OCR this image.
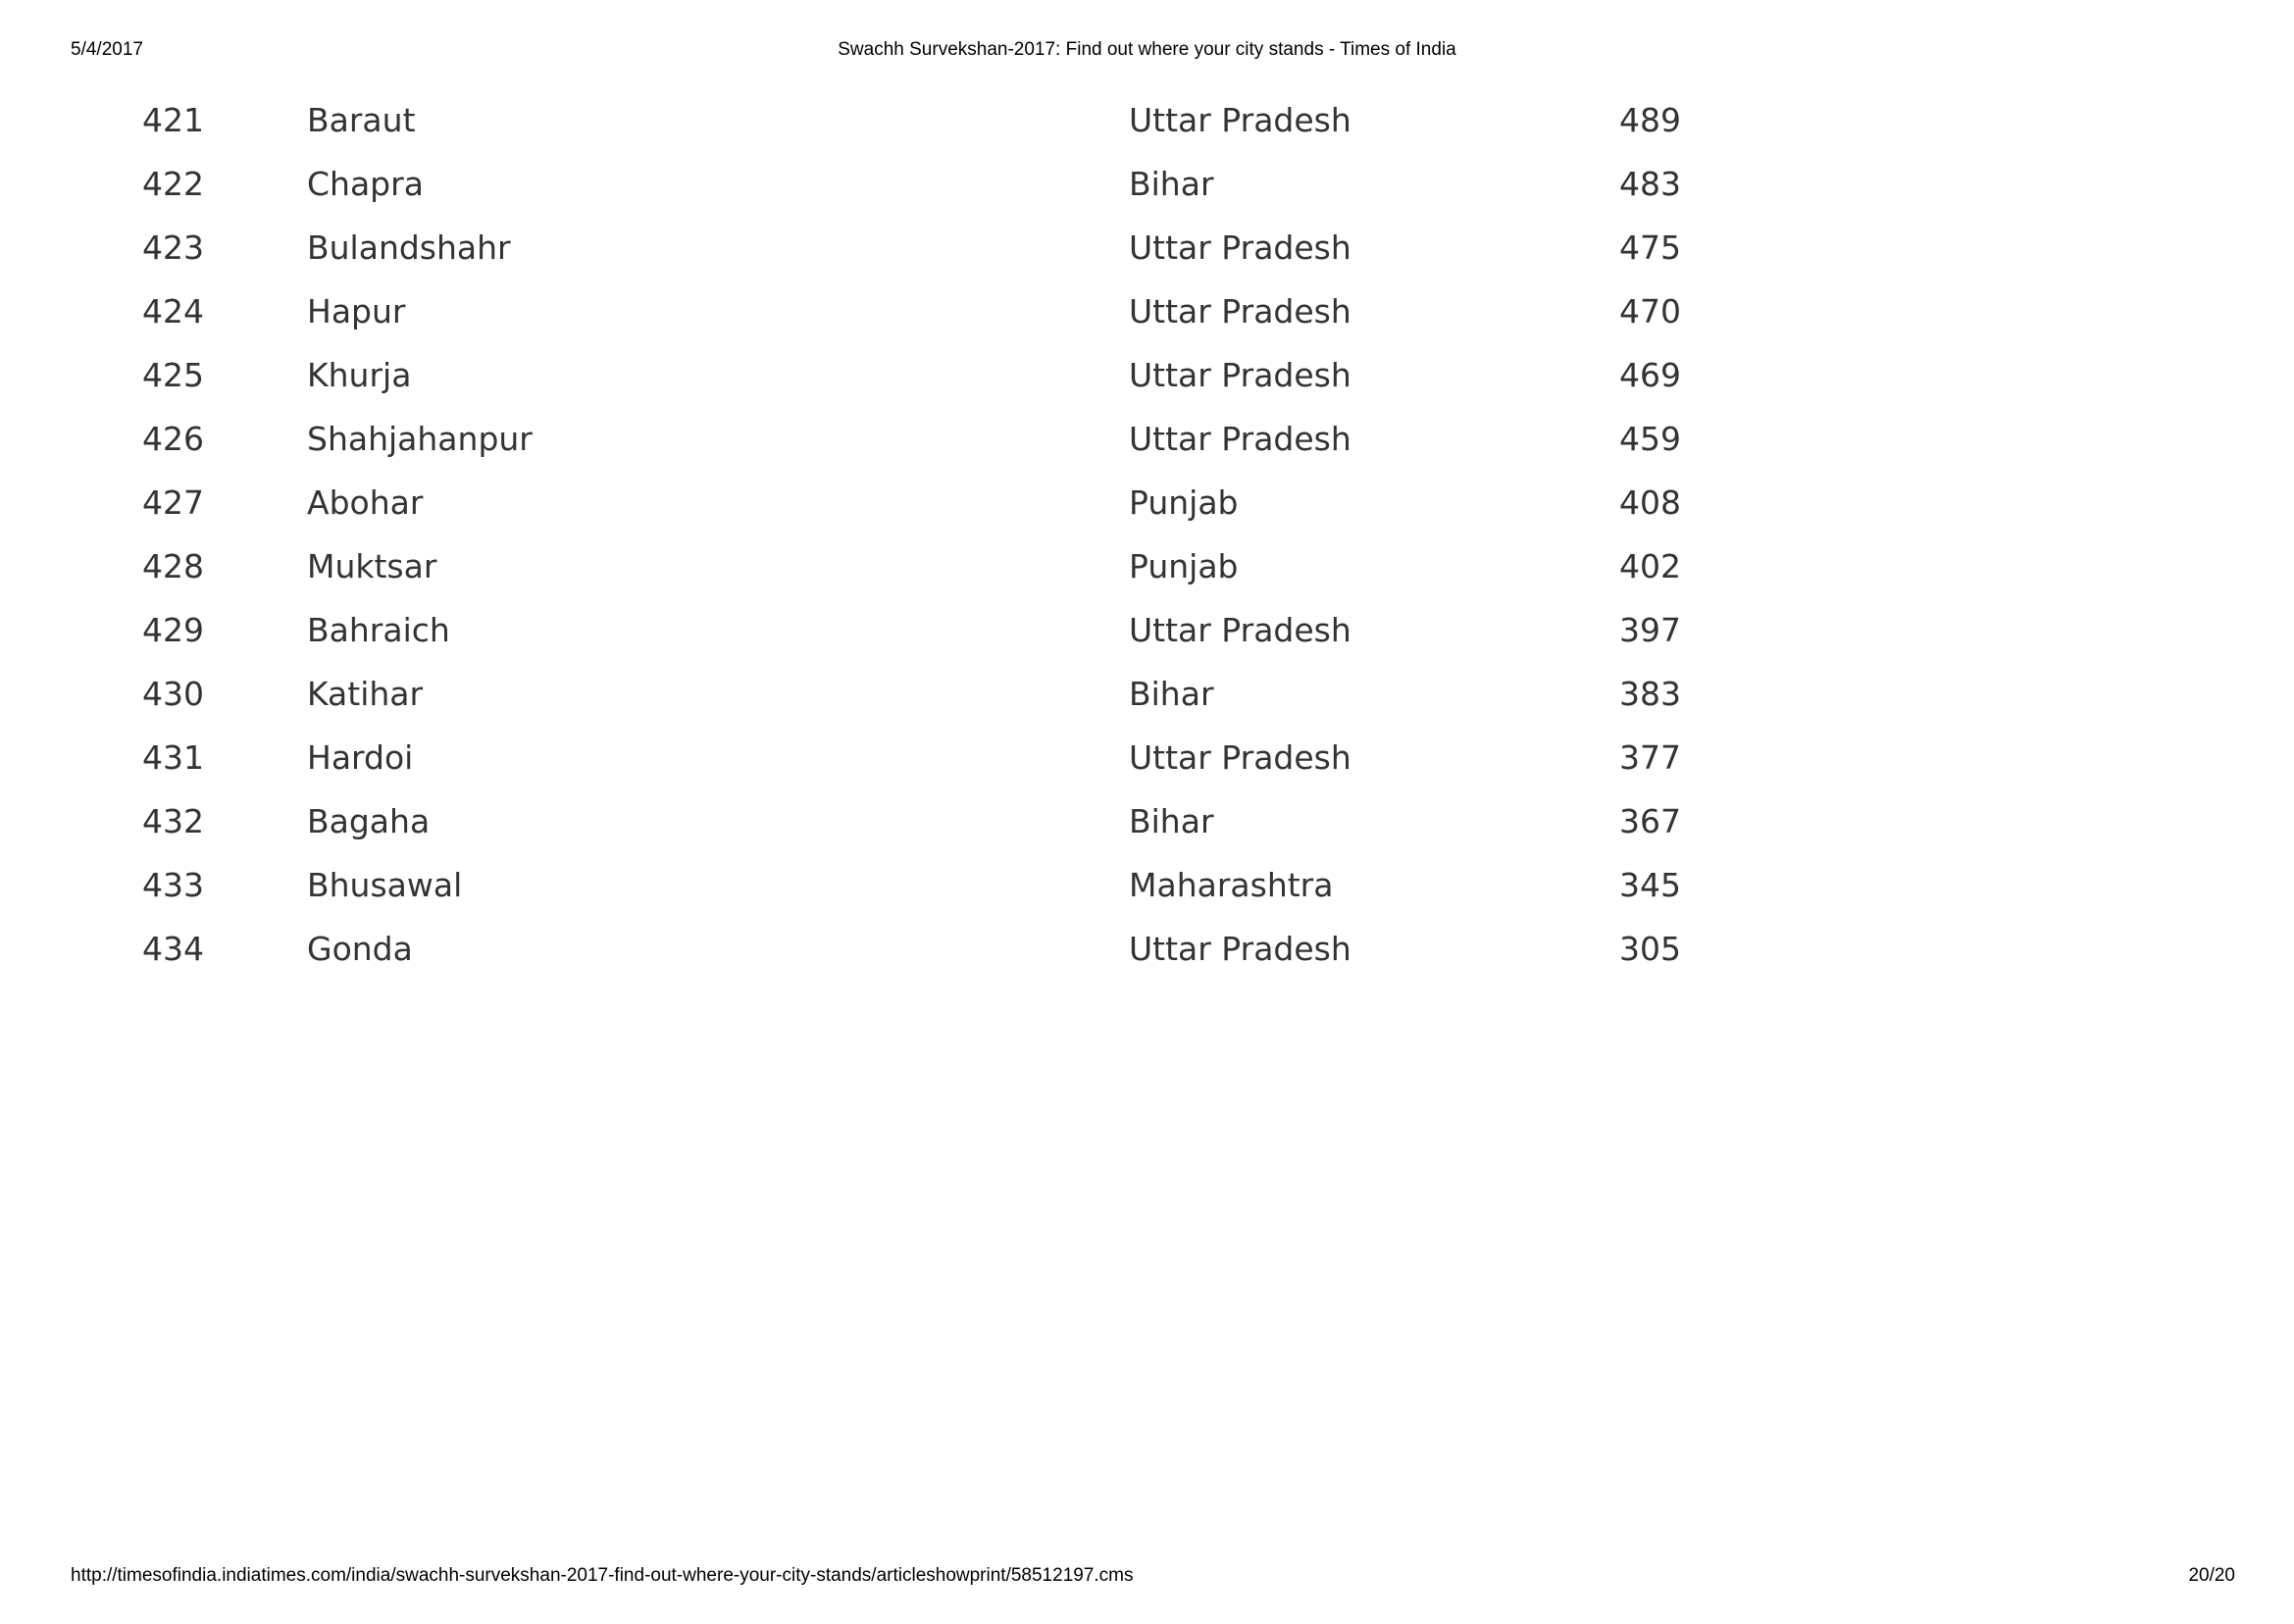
Swachh Survekshan-2017: Find out where your city stands - Times of India
5/4/2017
421	Baraut	Uttar Pradesh	489
422	Chapra	Bihar	483
423	Bulandshahr	Uttar Pradesh	475
424	Hapur	Uttar Pradesh	470
425	Khurja	Uttar Pradesh	469
426	Shahjahanpur	Uttar Pradesh	459
427	Abohar	Punjab	408
428	Muktsar	Punjab	402
429	Bahraich	Uttar Pradesh	397
430	Katihar	Bihar	383
431	Hardoi	Uttar Pradesh	377
432	Bagaha	Bihar	367
433	Bhusawal	Maharashtra	345
434	Gonda	Uttar Pradesh	305
http://timesofindia.indiatimes.com/india/swachh-survekshan-2017-find-out-where-your-city-stands/articleshowprint/58512197.cms	20/20
